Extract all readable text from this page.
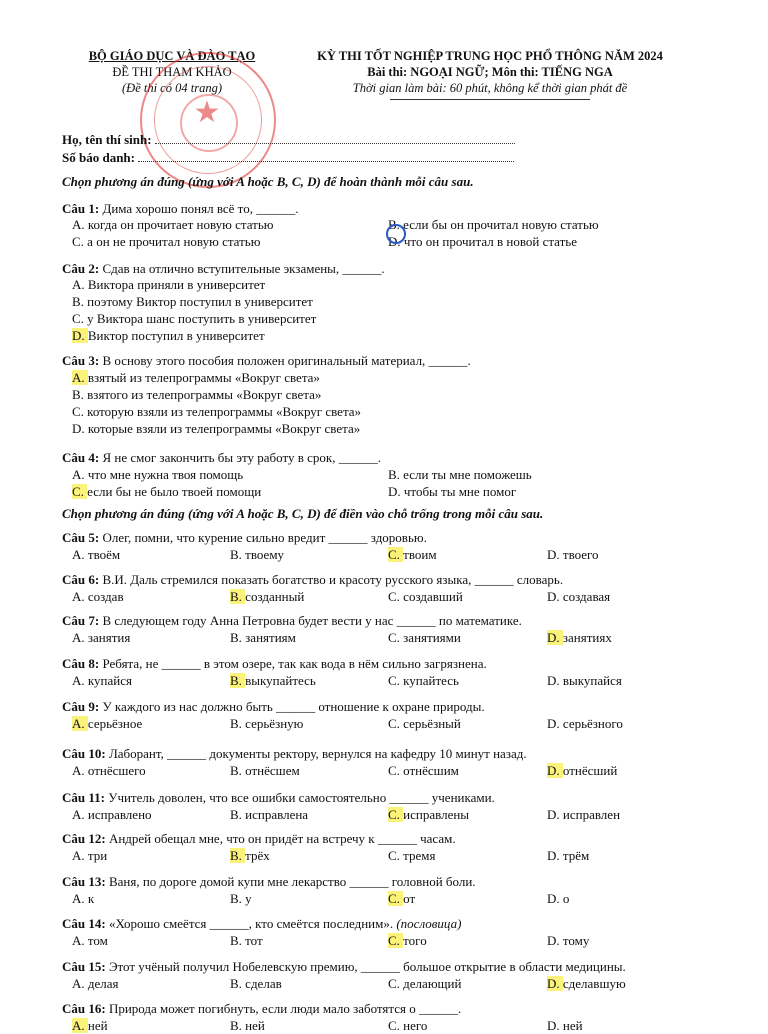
BỘ GIÁO DỤC VÀ ĐÀO TẠO
ĐỀ THI THAM KHẢO
(Đề thi có 04 trang)
KỲ THI TỐT NGHIỆP TRUNG HỌC PHỔ THÔNG NĂM 2024
Bài thi: NGOẠI NGỮ; Môn thi: TIẾNG NGA
Thời gian làm bài: 60 phút, không kể thời gian phát đề
★
Họ, tên thí sinh:
Số báo danh:
Chọn phương án đúng (ứng với A hoặc B, C, D) để hoàn thành mỗi câu sau.
Chọn phương án đúng (ứng với A hoặc B, C, D) để điền vào chỗ trống trong mỗi câu sau.
Câu 1: Дима хорошо понял всё то, ______.
A. когда он прочитает новую статью	B. если бы он прочитал новую статью
C. а он не прочитал новую статью	D. что он прочитал в новой статье
Câu 2: Сдав на отлично вступительные экзамены, ______.
A. Виктора приняли в университет
B. поэтому Виктор поступил в университет
C. у Виктора шанс поступить в университет
D. Виктор поступил в университет
Câu 3: В основу этого пособия положен оригинальный материал, ______.
A. взятый из телепрограммы «Вокруг света»
B. взятого из телепрограммы «Вокруг света»
C. которую взяли из телепрограммы «Вокруг света»
D. которые взяли из телепрограммы «Вокруг света»
Câu 4: Я не смог закончить бы эту работу в срок, ______.
A. что мне нужна твоя помощь	B. если ты мне поможешь
C. если бы не было твоей помощи	D. чтобы ты мне помог
Câu 5: Олег, помни, что курение сильно вредит ______ здоровью.
A. твоём	B. твоему	C. твоим	D. твоего
Câu 6: В.И. Даль стремился показать богатство и красоту русского языка, ______ словарь.
A. создав	B. созданный	C. создавший	D. создавая
Câu 7: В следующем году Анна Петровна будет вести у нас ______ по математике.
A. занятия	B. занятиям	C. занятиями	D. занятиях
Câu 8: Ребята, не ______ в этом озере, так как вода в нём сильно загрязнена.
A. купайся	B. выкупайтесь	C. купайтесь	D. выкупайся
Câu 9: У каждого из нас должно быть ______ отношение к охране природы.
A. серьёзное	B. серьёзную	C. серьёзный	D. серьёзного
Câu 10: Лаборант, ______ документы ректору, вернулся на кафедру 10 минут назад.
A. отнёсшего	B. отнёсшем	C. отнёсшим	D. отнёсший
Câu 11: Учитель доволен, что все ошибки самостоятельно ______ учениками.
A. исправлено	B. исправлена	C. исправлены	D. исправлен
Câu 12: Андрей обещал мне, что он придёт на встречу к ______ часам.
A. три	B. трёх	C. тремя	D. трём
Câu 13: Ваня, по дороге домой купи мне лекарство ______ головной боли.
A. к	B. у	C. от	D. о
Câu 14: «Хорошо смеётся ______, кто смеётся последним». (пословица)
A. том	B. тот	C. того	D. тому
Câu 15: Этот учёный получил Нобелевскую премию, ______ большое открытие в области медицины.
A. делая	B. сделав	C. делающий	D. сделавшую
Câu 16: Природа может погибнуть, если люди мало заботятся о ______.
A. ней	B. ней	C. него	D. ней
